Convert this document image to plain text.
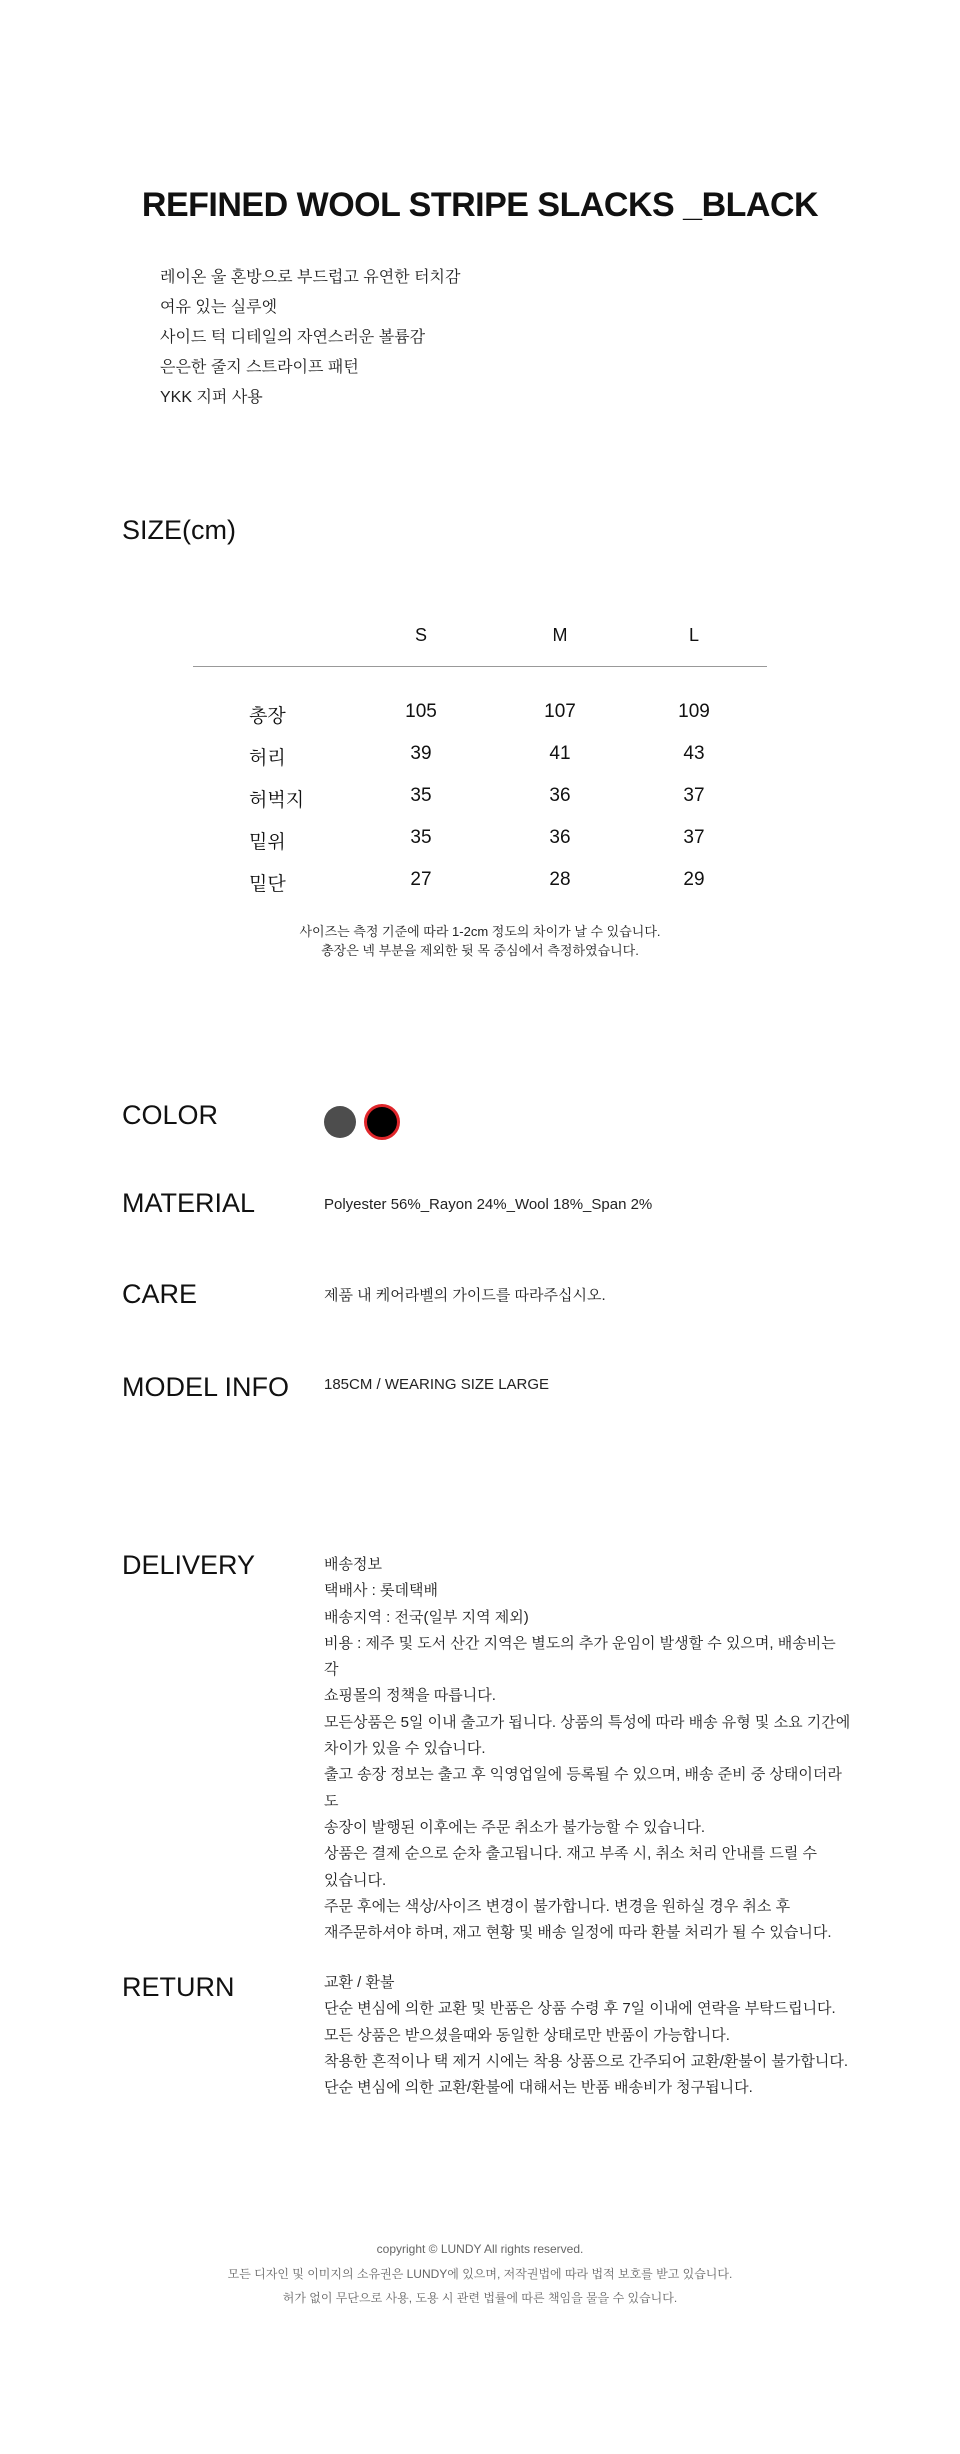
REFINED WOOL STRIPE SLACKS _BLACK
레이온 울 혼방으로 부드럽고 유연한 터치감
여유 있는 실루엣
사이드 턱 디테일의 자연스러운 볼륨감
은은한 줄지 스트라이프 패턴
YKK 지퍼 사용
SIZE(cm)
S	M	L
총장	105	107	109
허리	39	41	43
허벅지	35	36	37
밑위	35	36	37
밑단	27	28	29
사이즈는 측정 기준에 따라 1-2cm 정도의 차이가 날 수 있습니다.
총장은 넥 부분을 제외한 뒷 목 중심에서 측정하였습니다.
COLOR
MATERIAL	Polyester 56%_Rayon 24%_Wool 18%_Span 2%
CARE	제품 내 케어라벨의 가이드를 따라주십시오.
MODEL INFO 185CM / WEARING SIZE LARGE
DELIVERY	배송정보
택배사 : 롯데택배
배송지역 : 전국(일부 지역 제외)
비용 : 제주 및 도서 산간 지역은 별도의 추가 운임이 발생할 수 있으며, 배송비는 각
쇼핑몰의 정책을 따릅니다.
모든상품은 5일 이내 출고가 됩니다. 상품의 특성에 따라 배송 유형 및 소요 기간에
차이가 있을 수 있습니다.
출고 송장 정보는 출고 후 익영업일에 등록될 수 있으며, 배송 준비 중 상태이더라도
송장이 발행된 이후에는 주문 취소가 불가능할 수 있습니다.
상품은 결제 순으로 순차 출고됩니다. 재고 부족 시, 취소 처리 안내를 드릴 수
있습니다.
주문 후에는 색상/사이즈 변경이 불가합니다. 변경을 원하실 경우 취소 후
재주문하셔야 하며, 재고 현황 및 배송 일정에 따라 환불 처리가 될 수 있습니다.
RETURN	교환 / 환불
단순 변심에 의한 교환 및 반품은 상품 수령 후 7일 이내에 연락을 부탁드립니다.
모든 상품은 받으셨을때와 동일한 상태로만 반품이 가능합니다.
착용한 흔적이나 택 제거 시에는 착용 상품으로 간주되어 교환/환불이 불가합니다.
단순 변심에 의한 교환/환불에 대해서는 반품 배송비가 청구됩니다.
copyright © LUNDY All rights reserved.
모든 디자인 및 이미지의 소유권은 LUNDY에 있으며, 저작권법에 따라 법적 보호를 받고 있습니다.
허가 없이 무단으로 사용, 도용 시 관련 법률에 따른 책임을 물을 수 있습니다.
